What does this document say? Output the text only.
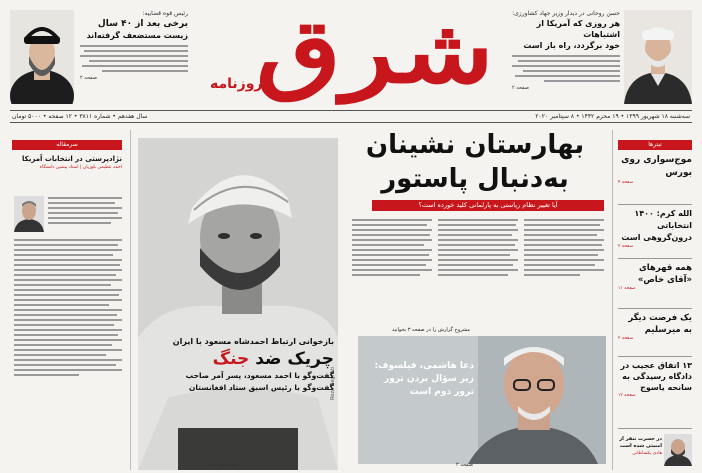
رئیس قوه قضاییه:
برخی بعد از ۴۰ سال
زیست مستضعف گرفته‌اند
صفحه ۲	شرق
روزنامه
حسن روحانی در دیدار وزیر جهاد کشاورزی:
هر روزی که آمریکا از اشتباهات
خود برگردد، راه باز است
صفحه ۲
سال هفدهم • شماره ۳۸۱۱ • ۱۲ صفحه • ۵۰۰۰ تومان	سه‌شنبه ۱۸ شهریور ۱۳۹۹ • ۱۹ محرم ۱۴۴۲ • ۸ سپتامبر ۲۰۲۰
سرمقاله
نژادپرستی در انتخابات آمریکا
احمد عظیمی بلوریان | استاد پیشین دانشگاه
Reza Deghati
بازخوانی ارتباط احمدشاه مسعود با ایران
چریک ضد جنگ
گفت‌وگو با احمد مسعود، پسر آمر صاحب
گفت‌وگو با رئیس اسبق ستاد افغانستان
صفحه‌های ۵ و ۶
بهارستان نشینان
به‌دنبال پاستور
آیا تغییر نظام ریاستی به پارلمانی کلید خورده است؟
مشروح گزارش را در صفحه ۳ بخوانید
دعا هاشمی، فیلسوف:
زیر سؤال بردن ترور
ترور دوم است
صفحه ۳
تیترها
موج‌سواری روی بورس
صفحه ۴
الله کرم: ۱۴۰۰ انتخاباتی درون‌گروهی است
صفحه ۲
همه قهرهای «آقای خاص»
صفحه ۱۱
یک فرصت دیگر به میرسلیم
صفحه ۲
۱۳ اتفاق عجیب در دادگاه رسیدگی به سانحه یاسوج
صفحه ۱۲
در حسرت تنفر از امنیتی شده است
هادی یکساطانی
